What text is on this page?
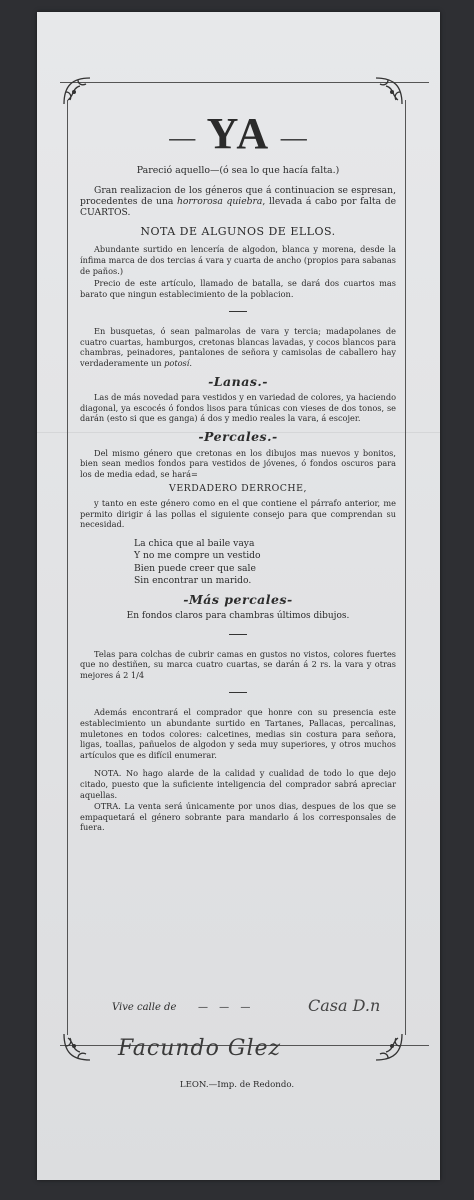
— YA —
Pareció aquello—(ó sea lo que hacía falta.)
Gran realizacion de los géneros que á continuacion se espresan, procedentes de una horrorosa quiebra, llevada á cabo por falta de CUARTOS.
NOTA DE ALGUNOS DE ELLOS.
Abundante surtido en lencería de algodon, blanca y morena, desde la ínfima marca de dos tercias á vara y cuarta de ancho (propios para sabanas de paños.)
Precio de este artículo, llamado de batalla, se dará dos cuartos mas barato que ningun establecimiento de la poblacion.
En busquetas, ó sean palmarolas de vara y tercia; madapolanes de cuatro cuartas, hamburgos, cretonas blancas lavadas, y cocos blancos para chambras, peinadores, pantalones de señora y camisolas de caballero hay verdaderamente un potosí.
-Lanas.-
Las de más novedad para vestidos y en variedad de colores, ya haciendo diagonal, ya escocés ó fondos lisos para túnicas con vieses de dos tonos, se darán (esto si que es ganga) á dos y medio reales la vara, á escojer.
-Percales.-
Del mismo género que cretonas en los dibujos mas nuevos y bonitos, bien sean medios fondos para vestidos de jóvenes, ó fondos oscuros para los de media edad, se hará=
VERDADERO DERROCHE,
y tanto en este género como en el que contiene el párrafo anterior, me permito dirigir á las pollas el siguiente consejo para que comprendan su necesidad.
La chica que al baile vaya
Y no me compre un vestido
Bien puede creer que sale
Sin encontrar un marido.
-Más percales-
En fondos claros para chambras últimos dibujos.
Telas para colchas de cubrir camas en gustos no vistos, colores fuertes que no destiñen, su marca cuatro cuartas, se darán á 2 rs. la vara y otras mejores á 2 1/4
Además encontrará el comprador que honre con su presencia este establecimiento un abundante surtido en Tartanes, Pallacas, percalinas, muletones en todos colores: calcetines, medias sin costura para señora, ligas, toallas, pañuelos de algodon y seda muy superiores, y otros muchos artículos que es difícil enumerar.
NOTA. No hago alarde de la calidad y cualidad de todo lo que dejo citado, puesto que la suficiente inteligencia del comprador sabrá apreciar aquellas.
OTRA. La venta será únicamente por unos dias, despues de los que se empaquetará el género sobrante para mandarlo á los corresponsales de fuera.
Vive calle de — — —	Casa D.n
Facundo Glez
LEON.—Imp. de Redondo.
